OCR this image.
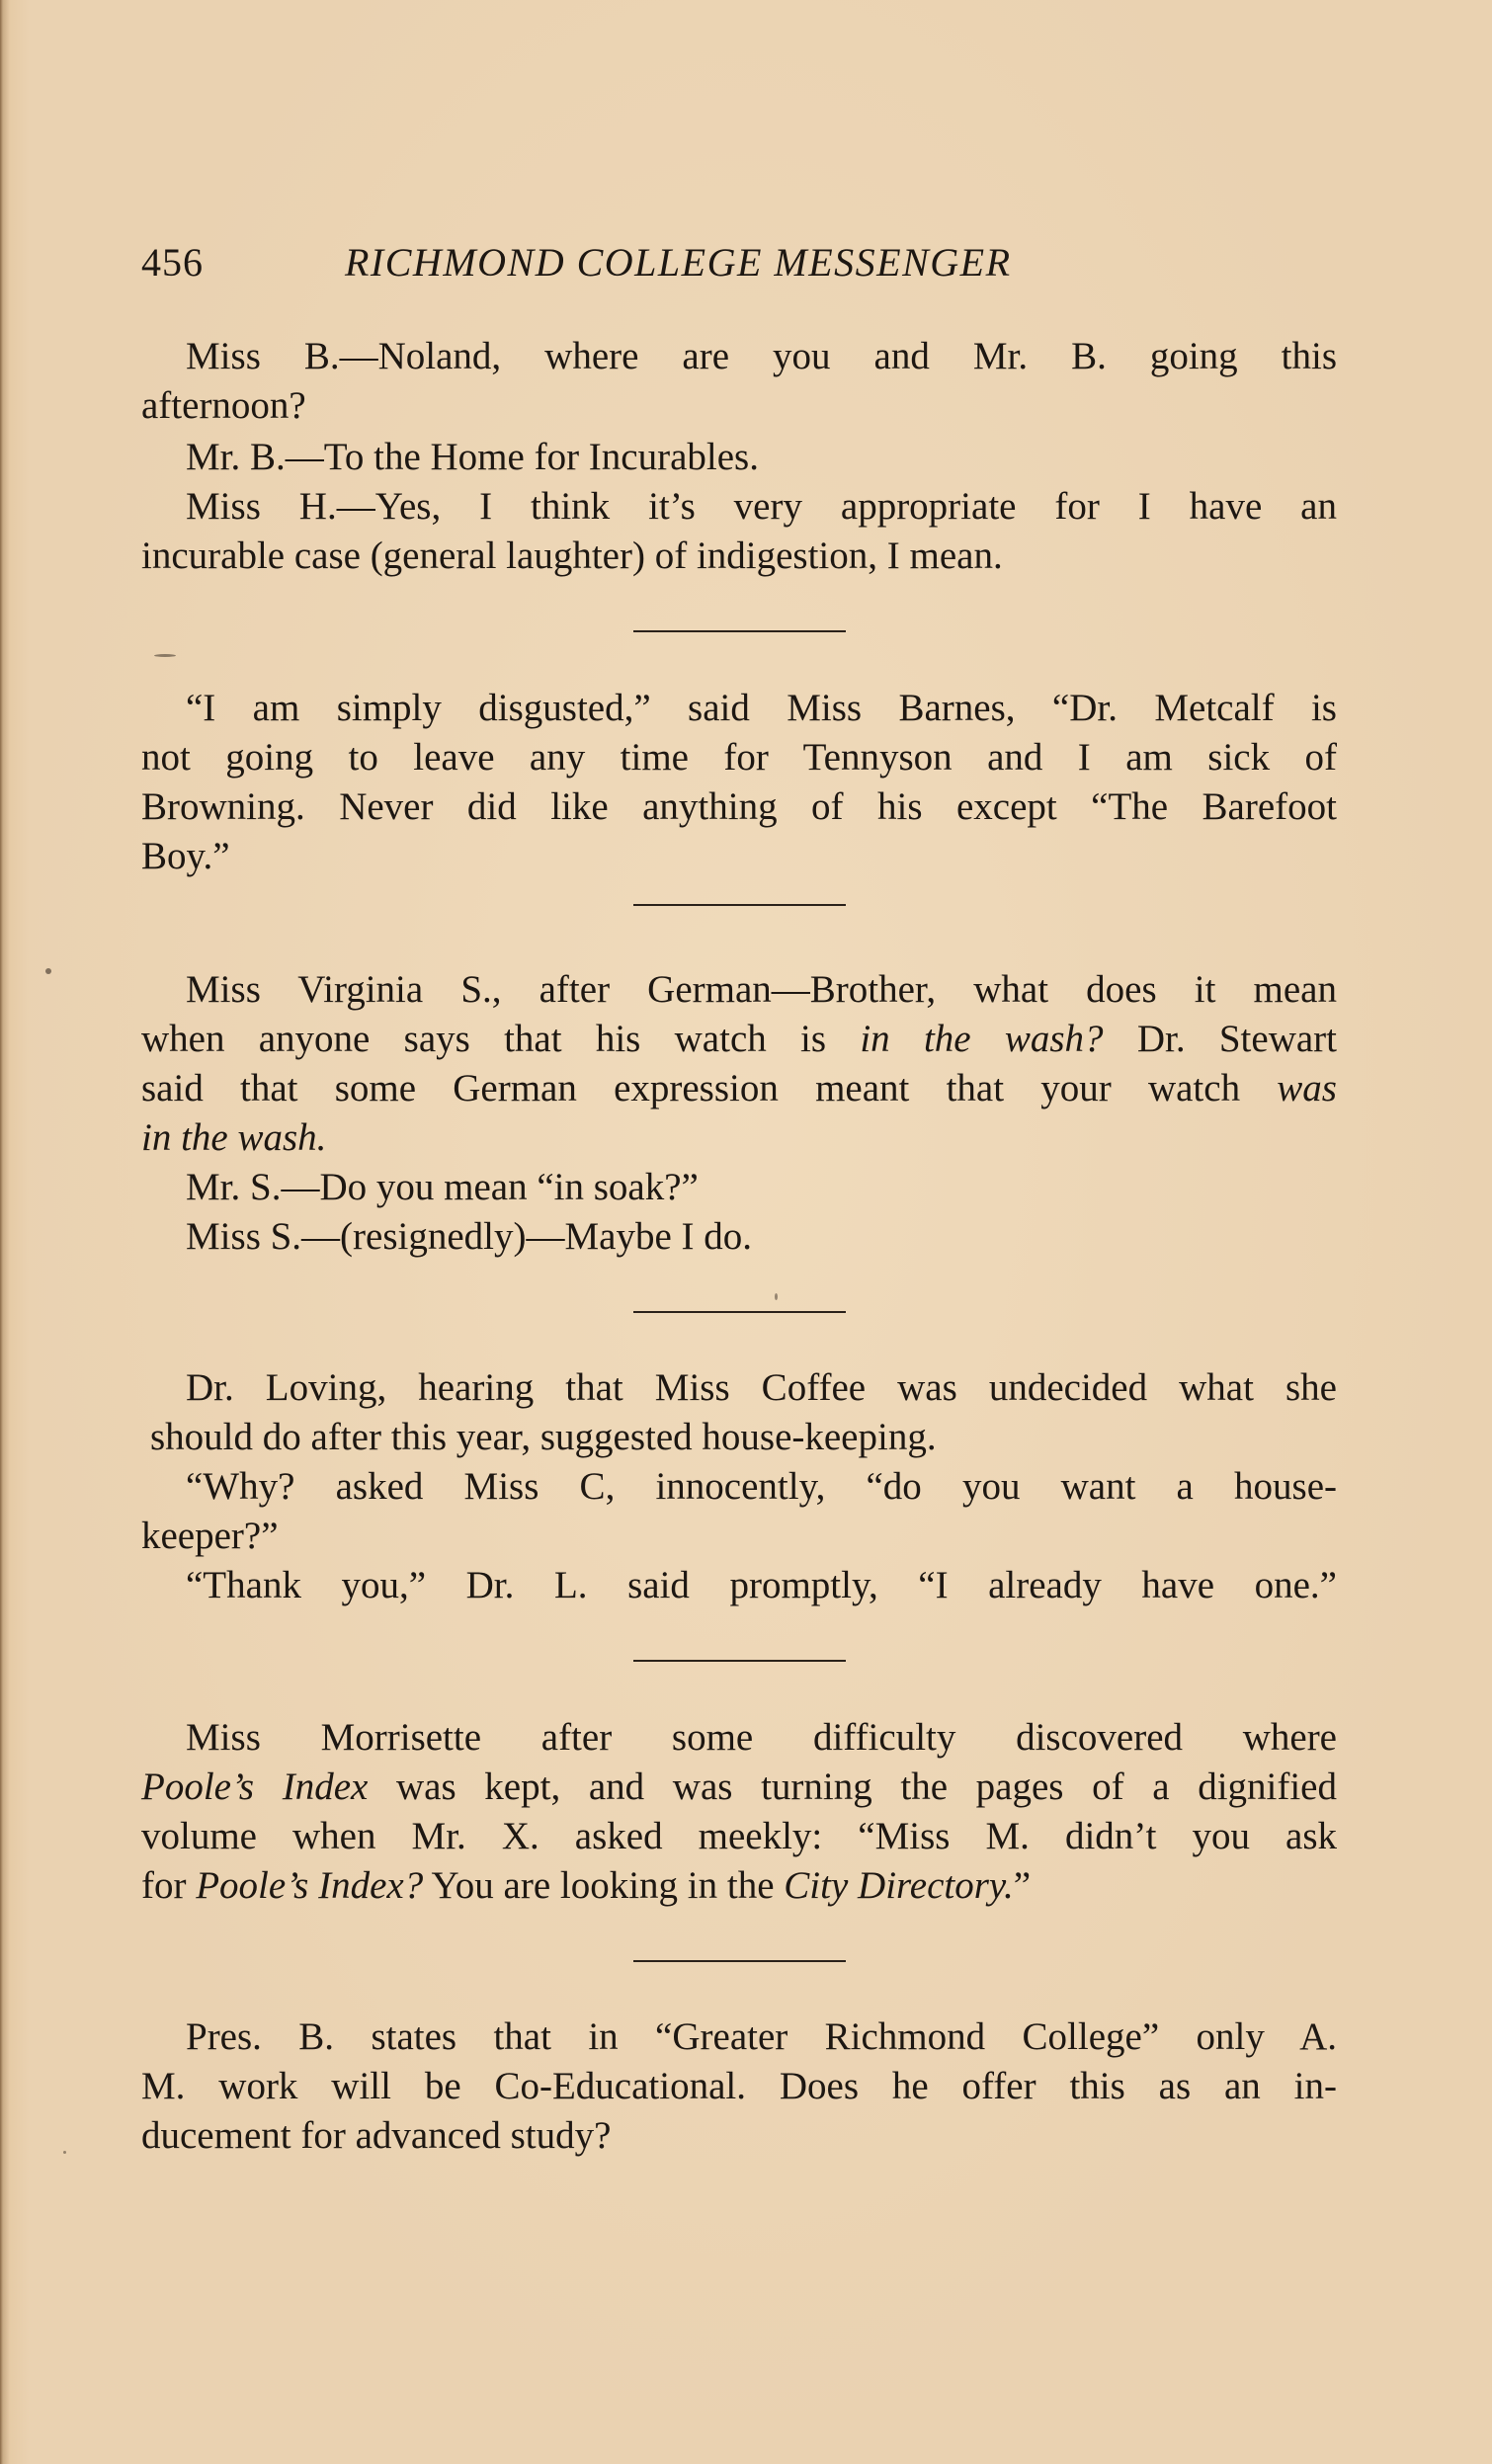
456	RICHMOND COLLEGE MESSENGER
Miss B.—Noland, where are you and Mr. B. going this
afternoon?
Mr. B.—To the Home for Incurables.
Miss H.—Yes, I think it’s very appropriate for I have an
incurable case (general laughter) of indigestion, I mean.
“I am simply disgusted,” said Miss Barnes, “Dr. Metcalf is
not going to leave any time for Tennyson and I am sick of
Browning. Never did like anything of his except “The Barefoot
Boy.”
Miss Virginia S., after German—Brother, what does it mean
when anyone says that his watch is in the wash? Dr. Stewart
said that some German expression meant that your watch was
in the wash.
Mr. S.—Do you mean “in soak?”
Miss S.—(resignedly)—Maybe I do.
Dr. Loving, hearing that Miss Coffee was undecided what she
should do after this year, suggested house-keeping.
“Why? asked Miss C, innocently, “do you want a house-
keeper?”
“Thank you,” Dr. L. said promptly, “I already have one.”
Miss Morrisette after some difficulty discovered where
Poole’s Index was kept, and was turning the pages of a dignified
volume when Mr. X. asked meekly: “Miss M. didn’t you ask
for Poole’s Index? You are looking in the City Directory.”
Pres. B. states that in “Greater Richmond College” only A.
M. work will be Co-Educational. Does he offer this as an in-
ducement for advanced study?
